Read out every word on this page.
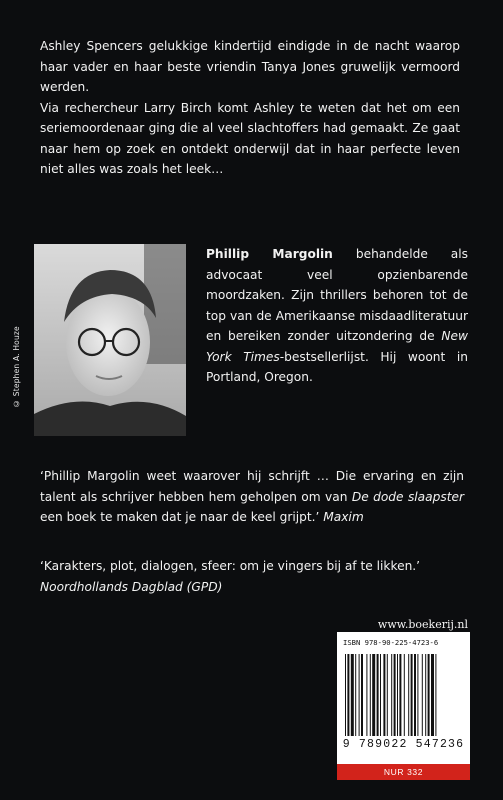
Ashley Spencers gelukkige kindertijd eindigde in de nacht waarop haar vader en haar beste vriendin Tanya Jones gruwelijk vermoord werden.

Via rechercheur Larry Birch komt Ashley te weten dat het om een seriemoordenaar ging die al veel slachtoffers had gemaakt. Ze gaat naar hem op zoek en ontdekt onderwijl dat in haar perfecte leven niet alles was zoals het leek…

© Stephen A. Houze
Phillip Margolin behandelde als advocaat veel opzienbarende moordzaken. Zijn thrillers behoren tot de top van de Amerikaanse misdaadliteratuur en bereiken zonder uitzondering de New York Times-bestsellerlijst. Hij woont in Portland, Oregon.
‘Phillip Margolin weet waarover hij schrijft … Die ervaring en zijn talent als schrijver hebben hem geholpen om van De dode slaapster een boek te maken dat je naar de keel grijpt.’ Maxim
‘Karakters, plot, dialogen, sfeer: om je vingers bij af te likken.’
Noordhollands Dagblad (GPD)
www.boekerij.nl
ISBN 978-90-225-4723-6
9 789022 547236
NUR 332
